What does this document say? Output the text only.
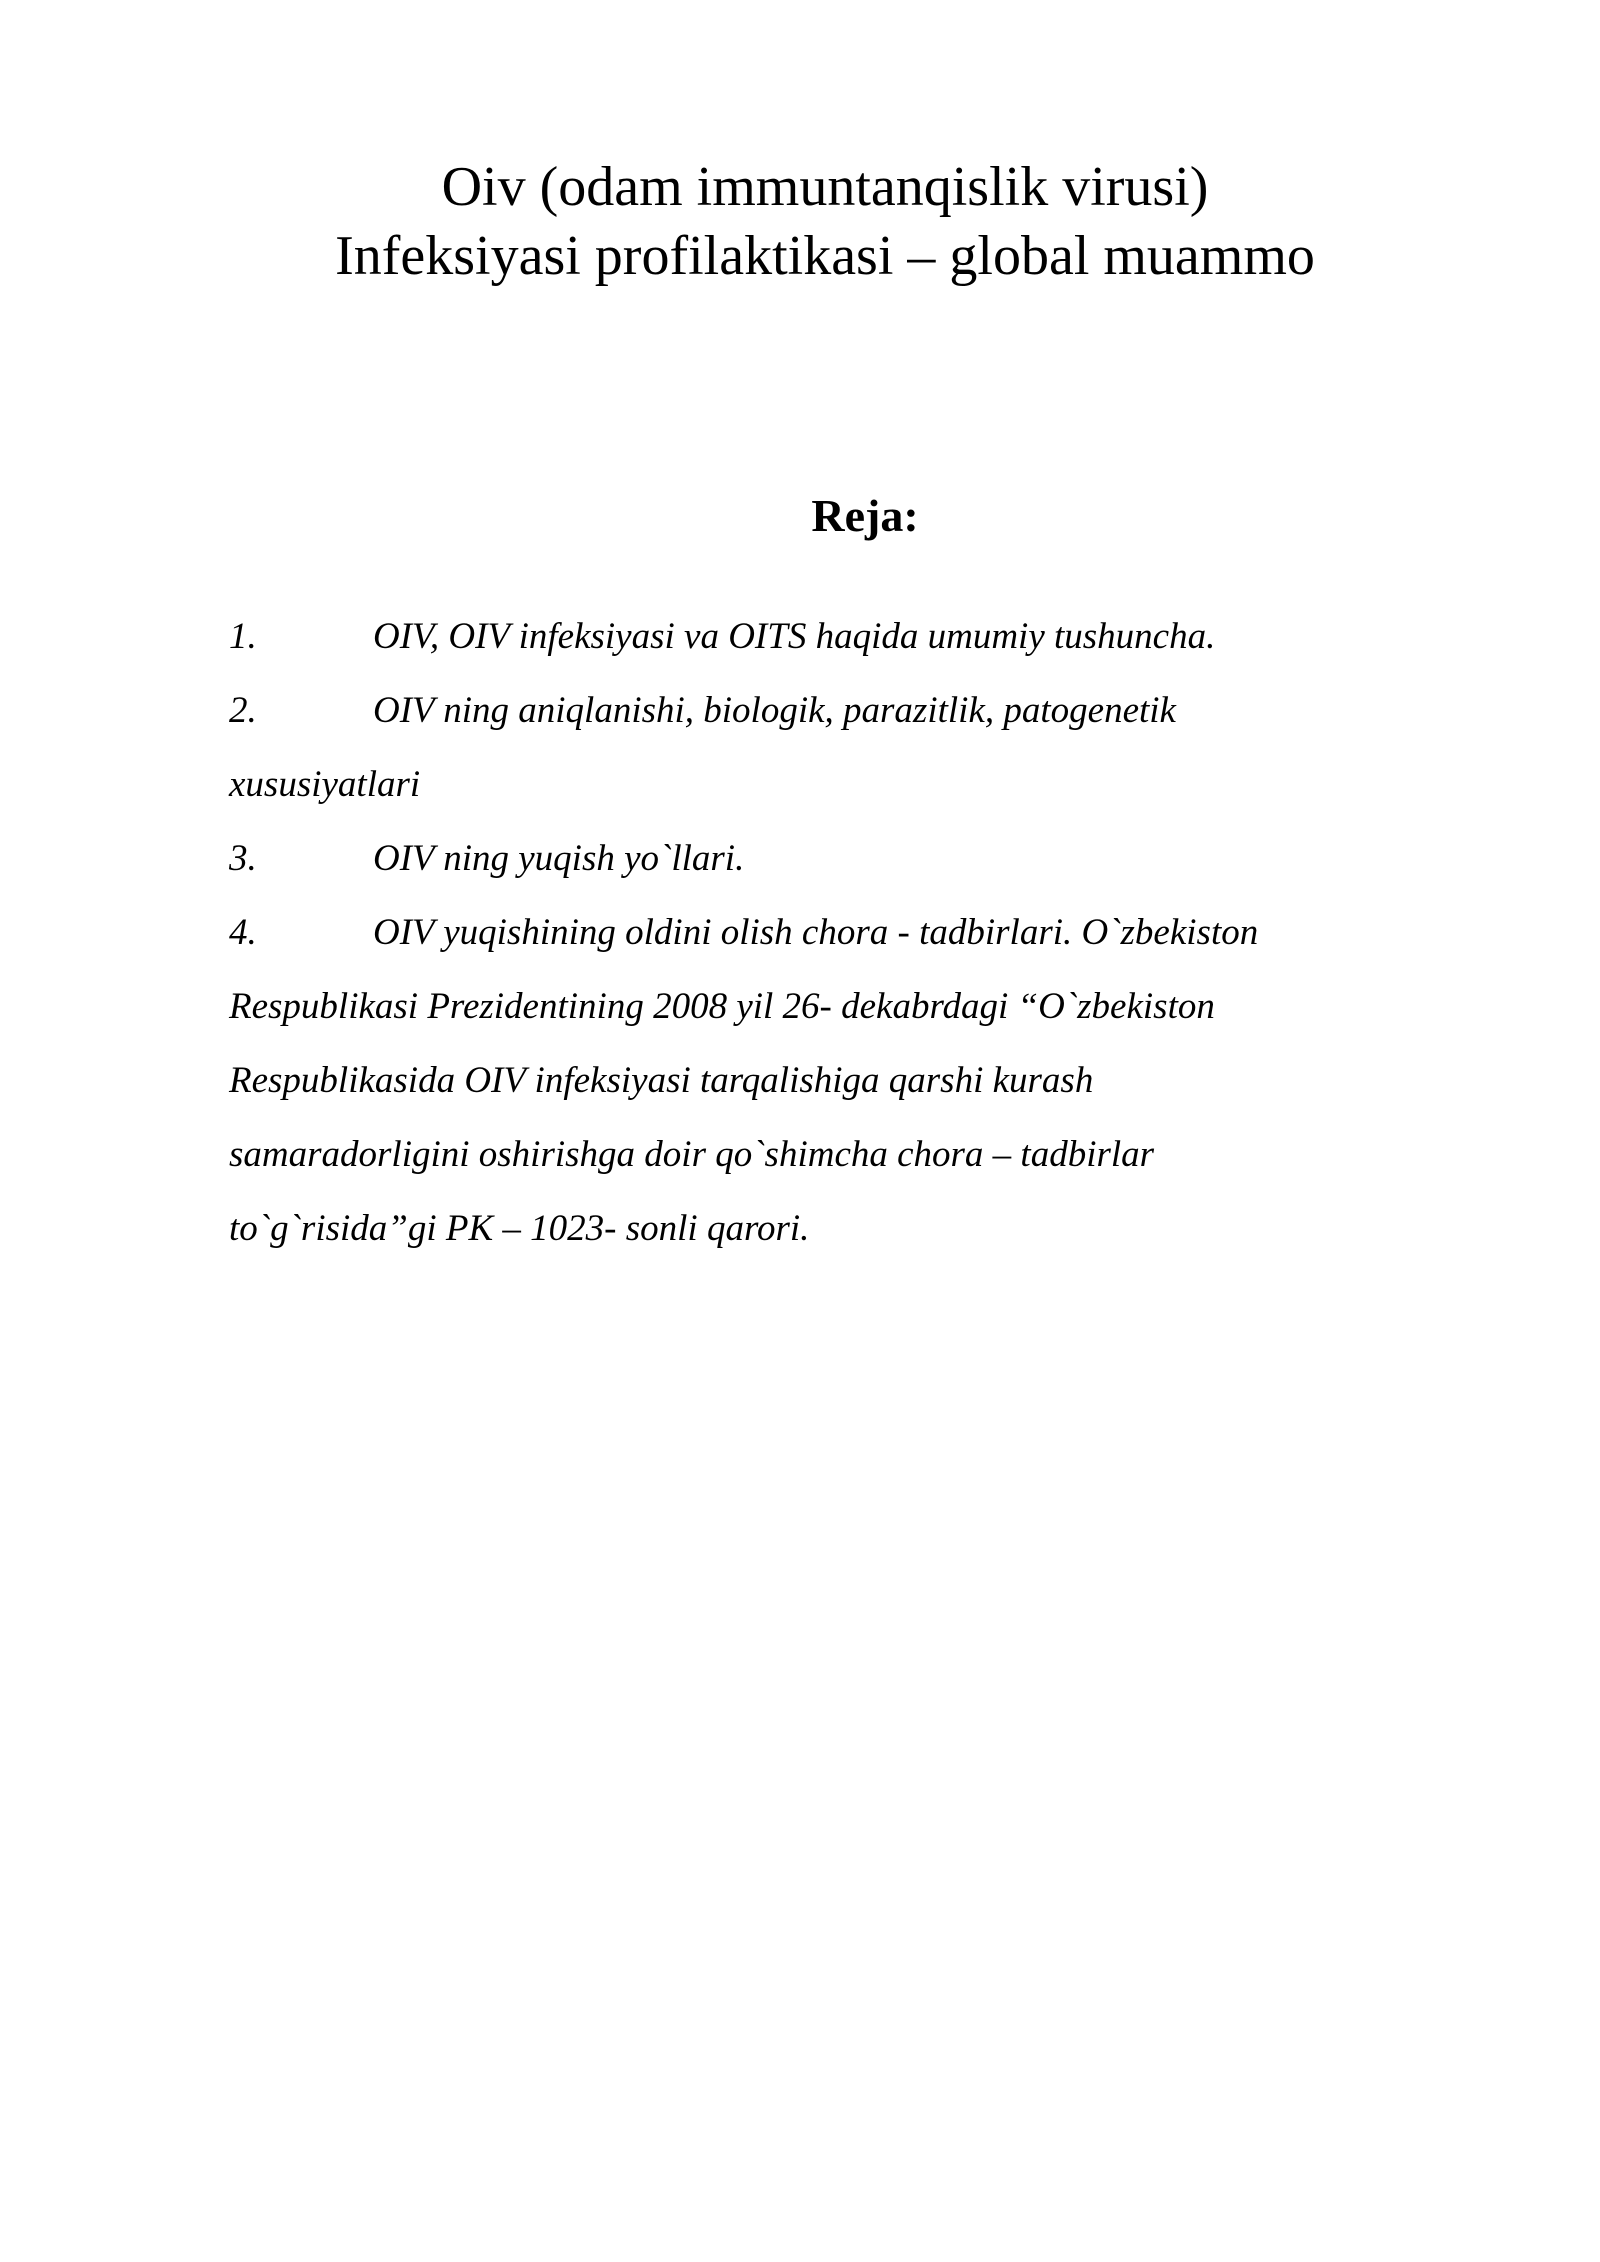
Oiv (odam immuntanqislik virusi)
Infeksiyasi profilaktikasi – global muammo
Reja:
1.	OIV, OIV infeksiyasi va OITS haqida umumiy tushuncha.
2.	OIV ning aniqlanishi, biologik, parazitlik, patogenetik
xususiyatlari
3.	OIV ning yuqish yo`llari.
4.	OIV yuqishining oldini olish chora - tadbirlari. O`zbekiston
Respublikasi Prezidentining 2008 yil 26- dekabrdagi “O`zbekiston
Respublikasida OIV infeksiyasi tarqalishiga qarshi kurash
samaradorligini oshirishga doir qo`shimcha chora – tadbirlar
to`g`risida”gi PK – 1023- sonli qarori.
